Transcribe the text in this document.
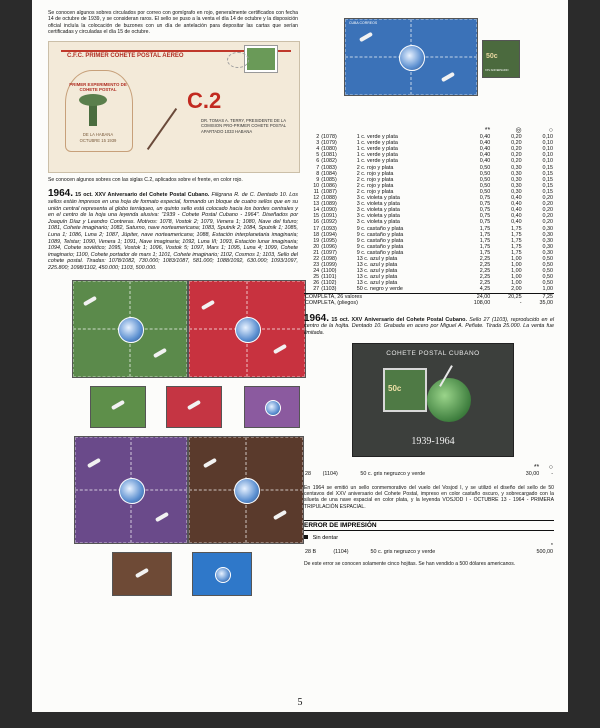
Se conocen algunos sobres circulados por correo con gomígrafo en rojo, generalmente certificados con fecha 14 de octubre de 1939, y se consideran raros. El sello se puso a la venta el día 14 de octubre y la disposición oficial incluía la colocación de buzones con un día de antelación para depositar las cartas que serían certificadas y circuladas el día 15 de octubre.
C.F.C. PRIMER COHETE POSTAL AEREO
PRIMER EXPERIMENTO DE COHETE POSTAL
DE LA HABANA
OCTUBRE 15 1939
C.2
DR. TOMAS A. TERRY, PRESIDENTE DE LA COMISION PRO-PRIMER COHETE POSTAL APARTADO 1033 HABANA
Se conocen algunos sobres con las siglas C.2, aplicados sobre el frente, en color rojo.
1964. 15 oct. XXV Aniversario del Cohete Postal Cubano. Filigrana R. de C. Dentado 10. Los sellos están impresos en una hoja de formato especial, formando un bloque de cuatro sellos que en su unión central representa al globo terráqueo, un quinto sello está colocado hacia los bordes centrales y en el centro de la hoja una leyenda alusiva: "1939 - Cohete Postal Cubano - 1964". Diseñados por Joaquín Díaz y Leandro Contreras. Motivos: 1078, Vostok 2; 1079, Venera 1; 1080, Nave del futuro; 1081, Cohete imaginario; 1082, Saturno, nave norteamericana; 1083, Sputnik 2; 1084, Sputnik 1; 1085, Luna 1; 1086, Luna 2; 1087, Júpiter, nave norteamericana; 1088, Estación interplanetaria imaginaria; 1089, Telstar; 1090, Venera 1; 1091, Nave imaginaria; 1092, Luna III; 1093, Estación lunar imaginaria; 1094, Cohete soviético; 1095, Vostok 1; 1096, Vostok 5; 1097, Mars 1; 1095, Luna 4; 1099, Cohete imaginario; 1100, Cohete portador de mars 1; 1101, Cohete imaginario; 1102, Cosmos 1; 1103, Sello del cohete postal. Tiradas: 1078/1082, 730.000; 1083/1087, 581.000; 1088/1092, 630.000; 1093/1097, 225.800; 1098/1102, 450.000; 1103, 500.000.
CUBA CORREOS
50c
XXV ANIVERSARIO
			**	◎	○
2	(1078)	1 c. verde y plata	0,40	0,20	0,10
3	(1079)	1 c. verde y plata	0,40	0,20	0,10
4	(1080)	1 c. verde y plata	0,40	0,20	0,10
5	(1081)	1 c. verde y plata	0,40	0,20	0,10
6	(1082)	1 c. verde y plata	0,40	0,20	0,10
7	(1083)	2 c. rojo y plata	0,50	0,30	0,15
8	(1084)	2 c. rojo y plata	0,50	0,30	0,15
9	(1085)	2 c. rojo y plata	0,50	0,30	0,15
10	(1086)	2 c. rojo y plata	0,50	0,30	0,15
11	(1087)	2 c. rojo y plata	0,50	0,30	0,15
12	(1088)	3 c. violeta y plata	0,75	0,40	0,20
13	(1089)	3 c. violeta y plata	0,75	0,40	0,20
14	(1090)	3 c. violeta y plata	0,75	0,40	0,20
15	(1091)	3 c. violeta y plata	0,75	0,40	0,20
16	(1092)	3 c. violeta y plata	0,75	0,40	0,20
17	(1093)	9 c. castaño y plata	1,75	1,75	0,30
18	(1094)	9 c. castaño y plata	1,75	1,75	0,30
19	(1095)	9 c. castaño y plata	1,75	1,75	0,30
20	(1096)	9 c. castaño y plata	1,75	1,75	0,30
21	(1097)	9 c. castaño y plata	1,75	1,75	0,30
22	(1098)	13 c. azul y plata	2,25	1,00	0,50
23	(1099)	13 c. azul y plata	2,25	1,00	0,50
24	(1100)	13 c. azul y plata	2,25	1,00	0,50
25	(1101)	13 c. azul y plata	2,25	1,00	0,50
26	(1102)	13 c. azul y plata	2,25	1,00	0,50
27	(1103)	50 c. negro y verde	4,25	2,00	1,00
COMPLETA, 26 valores			24,00	20,25	7,25
COMPLETA, (pliegos)			108,00	-	35,00
1964. 15 oct. XXV Aniversario del Cohete Postal Cubano. Sello 27 (1103), reproducido en el centro de la hojita. Dentado 10. Grabada en acero por Miguel A. Peñate. Tirada 25.000. La venta fue limitada.
COHETE POSTAL CUBANO
50c
1939-1964
			**	○
28	(1104)	50 c. gris negruzco y verde	30,00	-
En 1964 se emitió un sello conmemorativo del vuelo del Vosjod I, y se utilizó el diseño del sello de 50 centavos del XXV aniversario del Cohete Postal, impreso en color castaño oscuro, y sobrecargado con la silueta de una nave espacial en color plata, y la leyenda VOSJOD I - OCTUBRE 13 - 1964 - PRIMERA TRIPULACIÓN ESPACIAL.
ERROR DE IMPRESIÓN
Sin dentar
			*
28 B	(1104)	50 c. gris negruzco y verde	500,00
De este error se conocen solamente cinco hojitas. Se han vendido a 500 dólares americanos.
5
